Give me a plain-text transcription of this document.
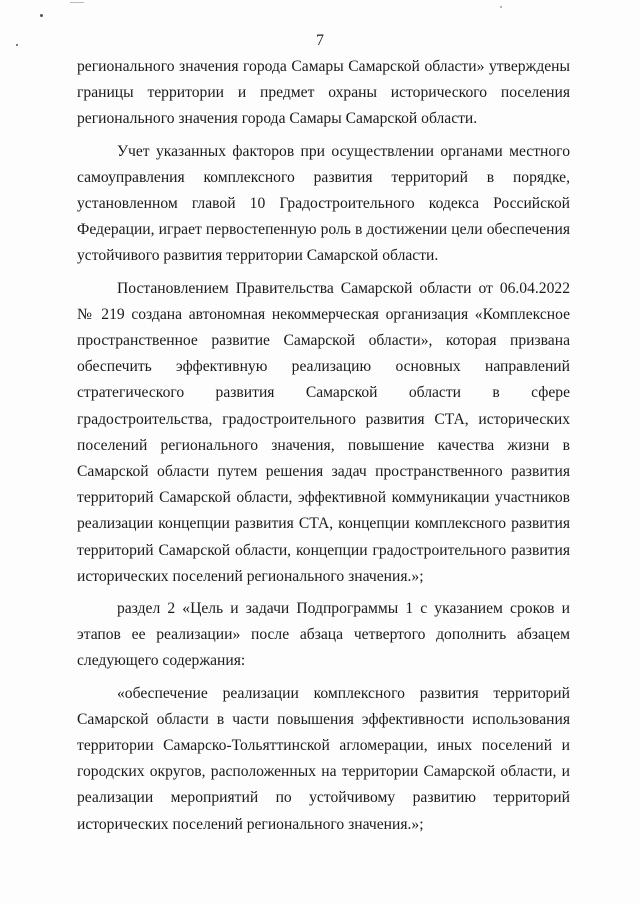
7

регионального значения города Самары Самарской области» утверждены границы территории и предмет охраны исторического поселения регионального значения города Самары Самарской области.

Учет указанных факторов при осуществлении органами местного самоуправления комплексного развития территорий в порядке, установленном главой 10 Градостроительного кодекса Российской Федерации, играет первостепенную роль в достижении цели обеспечения устойчивого развития территории Самарской области.

Постановлением Правительства Самарской области от 06.04.2022 № 219 создана автономная некоммерческая организация «Комплексное пространственное развитие Самарской области», которая призвана обеспечить эффективную реализацию основных направлений стратегического развития Самарской области в сфере градостроительства, градостроительного развития СТА, исторических поселений регионального значения, повышение качества жизни в Самарской области путем решения задач пространственного развития территорий Самарской области, эффективной коммуникации участников реализации концепции развития СТА, концепции комплексного развития территорий Самарской области, концепции градостроительного развития исторических поселений регионального значения.»;

раздел 2 «Цель и задачи Подпрограммы 1 с указанием сроков и этапов ее реализации» после абзаца четвертого дополнить абзацем следующего содержания:

«обеспечение реализации комплексного развития территорий Самарской области в части повышения эффективности использования территории Самарско-Тольяттинской агломерации, иных поселений и городских округов, расположенных на территории Самарской области, и реализации мероприятий по устойчивому развитию территорий исторических поселений регионального значения.»;
